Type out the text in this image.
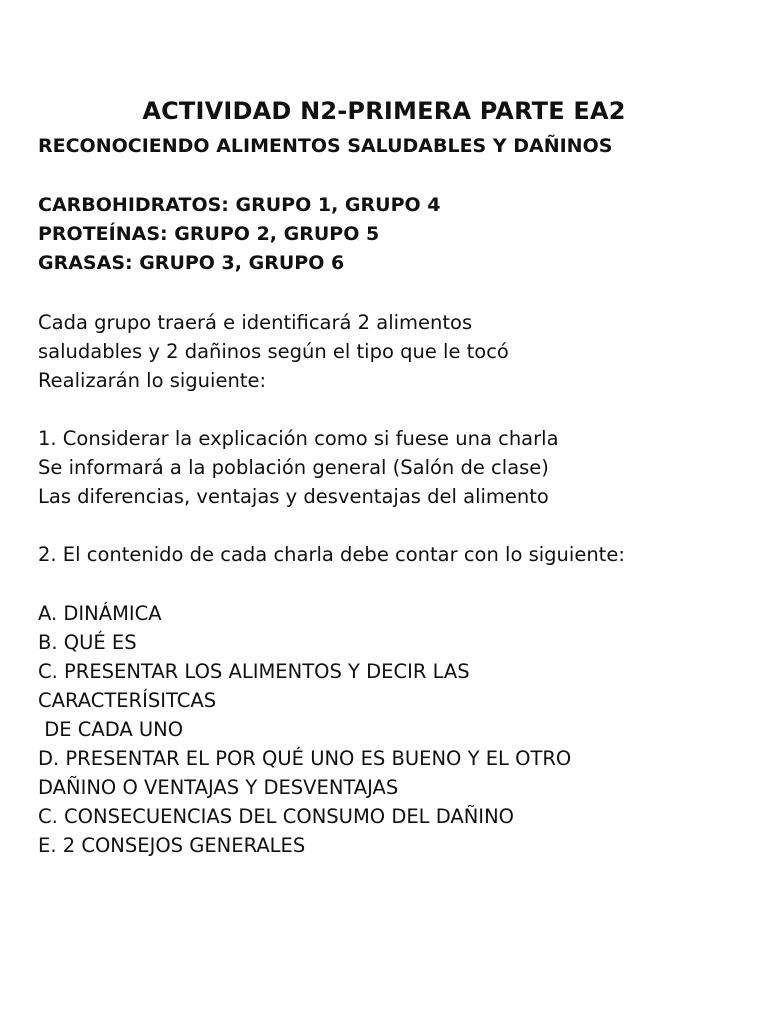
ACTIVIDAD N2-PRIMERA PARTE EA2
RECONOCIENDO ALIMENTOS SALUDABLES Y DAÑINOS
CARBOHIDRATOS: GRUPO 1, GRUPO 4
PROTEÍNAS: GRUPO 2, GRUPO 5
GRASAS: GRUPO 3, GRUPO 6
Cada grupo traerá e identificará 2 alimentos
saludables y 2 dañinos según el tipo que le tocó
Realizarán lo siguiente:
1. Considerar la explicación como si fuese una charla
Se informará a la población general (Salón de clase)
Las diferencias, ventajas y desventajas del alimento
2. El contenido de cada charla debe contar con lo siguiente:
A. DINÁMICA
B. QUÉ ES
C. PRESENTAR LOS ALIMENTOS Y DECIR LAS
CARACTERÍSITCAS
DE CADA UNO
D. PRESENTAR EL POR QUÉ UNO ES BUENO Y EL OTRO
DAÑINO O VENTAJAS Y DESVENTAJAS
C. CONSECUENCIAS DEL CONSUMO DEL DAÑINO
E. 2 CONSEJOS GENERALES
